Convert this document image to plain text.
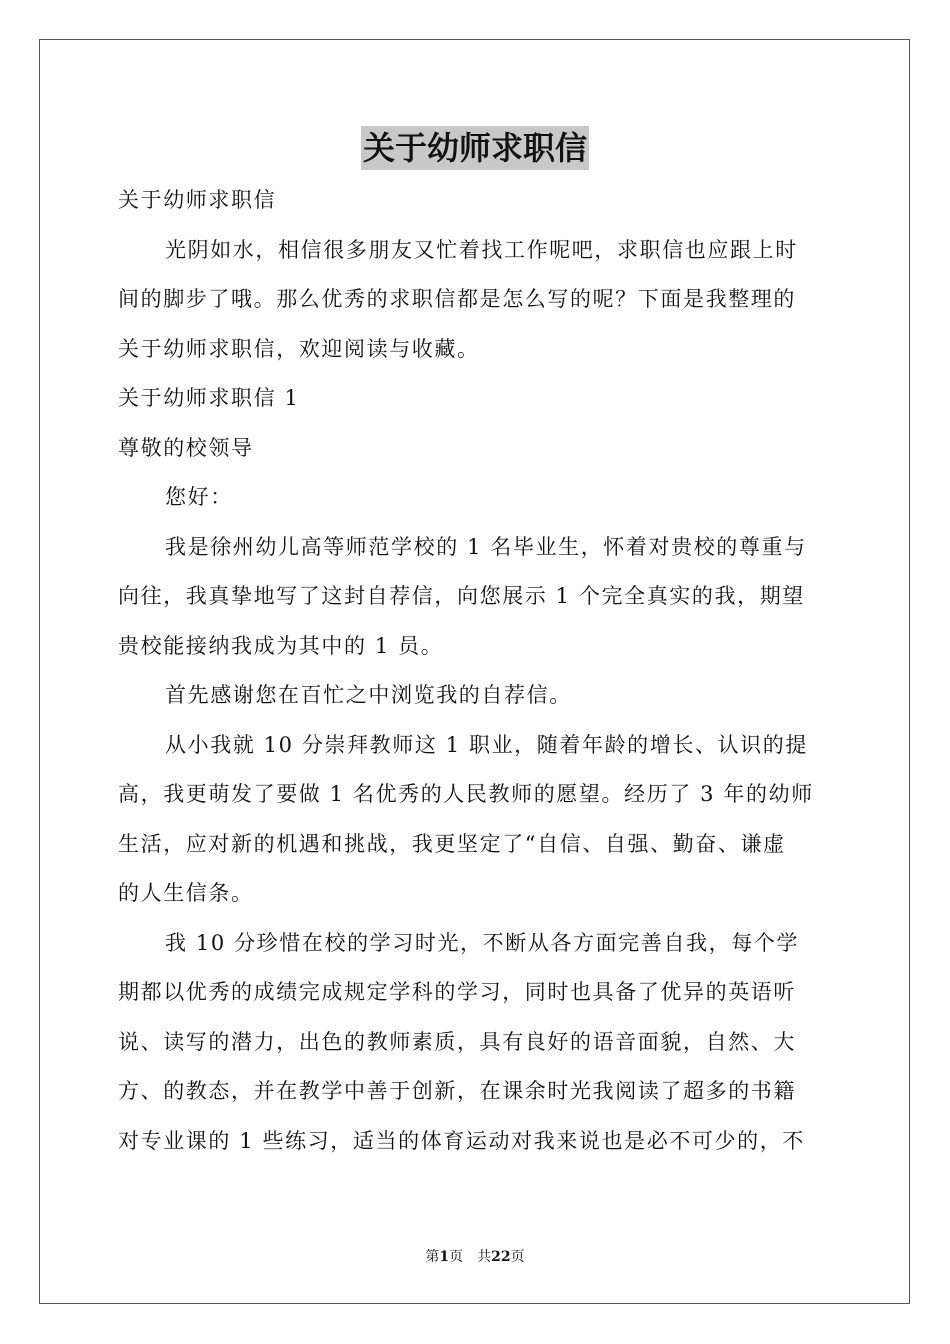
关于幼师求职信
关于幼师求职信
光阴如水，相信很多朋友又忙着找工作呢吧，求职信也应跟上时
间的脚步了哦。那么优秀的求职信都是怎么写的呢？下面是我整理的
关于幼师求职信，欢迎阅读与收藏。
关于幼师求职信 1
尊敬的校领导
您好：
我是徐州幼儿高等师范学校的 1 名毕业生，怀着对贵校的尊重与
向往，我真挚地写了这封自荐信，向您展示 1 个完全真实的我，期望
贵校能接纳我成为其中的 1 员。
首先感谢您在百忙之中浏览我的自荐信。
从小我就 10 分崇拜教师这 1 职业，随着年龄的增长、认识的提
高，我更萌发了要做 1 名优秀的人民教师的愿望。经历了 3 年的幼师
生活，应对新的机遇和挑战，我更坚定了“自信、自强、勤奋、谦虚
的人生信条。
我 10 分珍惜在校的学习时光，不断从各方面完善自我，每个学
期都以优秀的成绩完成规定学科的学习，同时也具备了优异的英语听
说、读写的潜力，出色的教师素质，具有良好的语音面貌，自然、大
方、的教态，并在教学中善于创新，在课余时光我阅读了超多的书籍
对专业课的 1 些练习，适当的体育运动对我来说也是必不可少的，不
第1页　共22页
